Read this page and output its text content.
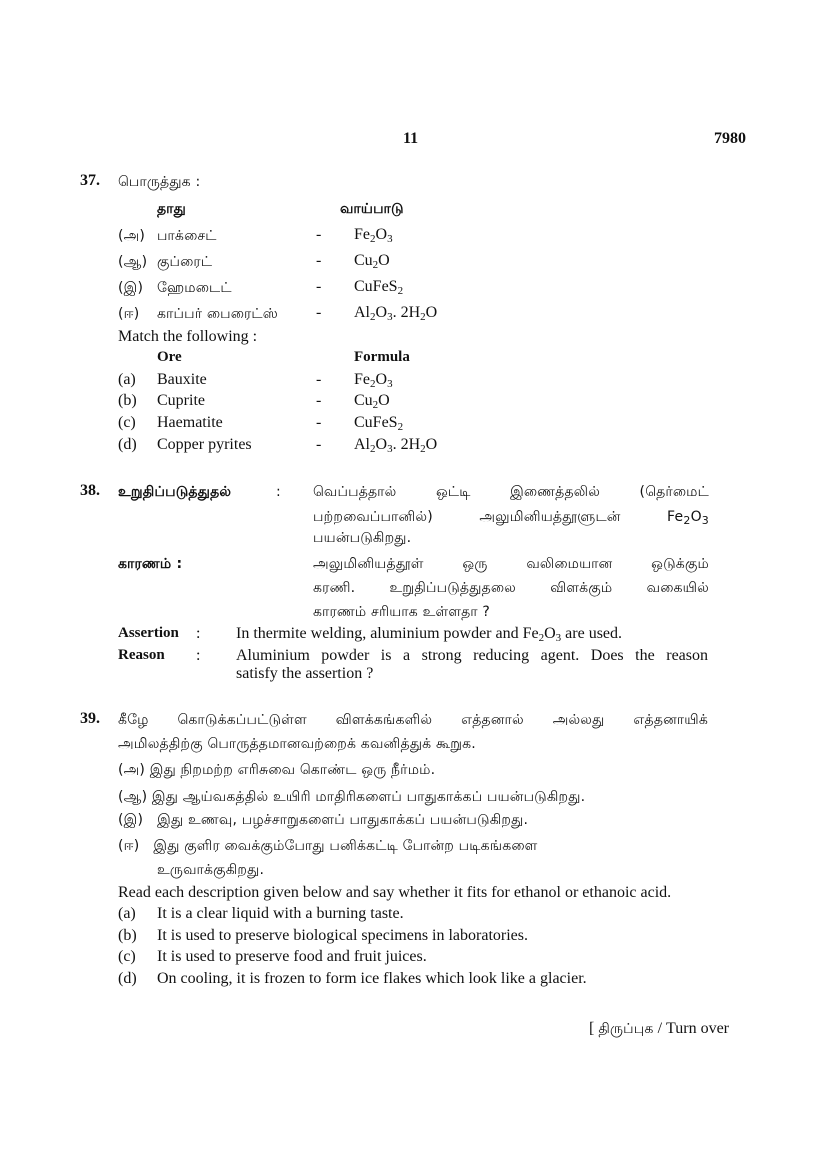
11	7980
37. பொருத்துக :
தாது	வாய்பாடு
(அ) பாக்சைட்	- $Fe_2O_3$
(ஆ) குப்ரைட்	- $Cu_2O$
(இ) ஹேமடைட்	- CuFeS$_2$
(ஈ) காப்பர் பைரைட்ஸ் - $Al_2O_3$. $2H_2O$
Match the following :
Ore	Formula
(a) Bauxite	- $Fe_2O_3$
(b) Cuprite	- $Cu_2O$
(c) Haematite	- CuFeS$_2$
(d) Copper pyrites	- $Al_2O_3$. $2H_2O$
38. உறுதிப்படுத்துதல்	: வெப்பத்தால் ஒட்டி இணைத்தலில் (தெர்மைட்
பற்றவைப்பானில்) அலுமினியத்தூளுடன் $Fe_2O_3$
பயன்படுகிறது.
காரணம் :	அலுமினியத்தூள் ஒரு வலிமையான ஒடுக்கும்
கரணி. உறுதிப்படுத்துதலை விளக்கும் வகையில்
காரணம் சரியாக உள்ளதா ?
Assertion : In thermite welding, aluminium powder and $Fe_2O_3$ are used.
Reason : Aluminium powder is a strong reducing agent. Does the reason
satisfy the assertion ?
39. கீழே கொடுக்கப்பட்டுள்ள விளக்கங்களில் எத்தனால் அல்லது எத்தனாயிக்
அமிலத்திற்கு பொருத்தமானவற்றைக் கவனித்துக் கூறுக.
(அ) இது நிறமற்ற எரிசுவை கொண்ட ஒரு நீர்மம்.
(ஆ) இது ஆய்வகத்தில் உயிரி மாதிரிகளைப் பாதுகாக்கப் பயன்படுகிறது.
(இ) இது உணவு, பழச்சாறுகளைப் பாதுகாக்கப் பயன்படுகிறது.
(ஈ) இது குளிர வைக்கும்போது பனிக்கட்டி போன்ற படிகங்களை
உருவாக்குகிறது.
Read each description given below and say whether it fits for ethanol or ethanoic acid.
(a) It is a clear liquid with a burning taste.
(b) It is used to preserve biological specimens in laboratories.
(c) It is used to preserve food and fruit juices.
(d) On cooling, it is frozen to form ice flakes which look like a glacier.
[ திருப்புக / Turn over
